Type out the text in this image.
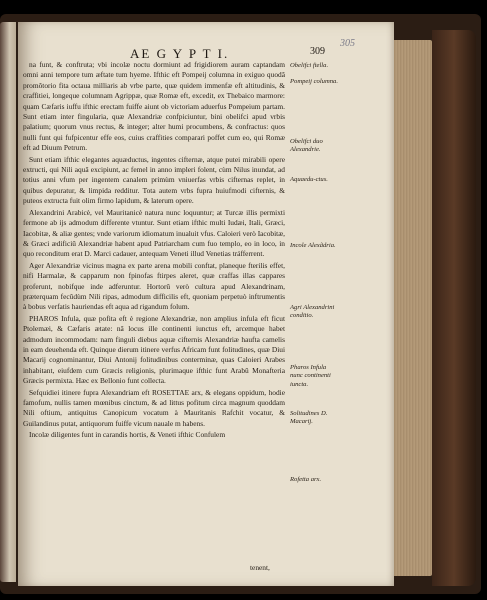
AE G Y P T I.	309
305

na funt, & conftruta; vbi incolæ noctu dormiunt ad frigidiorem auram captandam omni anni tempore tum æftate tum hyeme. Ifthic eft Pompeij columna in exiguo quodã promõtorio fita octaua milliaris ab vrbe parte, quæ quidem immenfæ eft altitudinis, & craffitiei, longeque columnam Agrippæ, quæ Romæ eft, excedit, ex Thebaico marmore: quam Cæfaris iuffu ifthic erectam fuiffe aiunt ob victoriam aduerfus Pompeium partam. Sunt etiam inter fingularia, quæ Alexandriæ confpiciuntur, bini obelifci apud vrbis palatium; quorum vnus rectus, & integer; alter humi procumbens, & confractus: quos nulli funt qui fufpicentur effe eos, cuius craffities comparari poffet cum eo, qui Romæ eft ad Diuum Petrum.

Sunt etiam ifthic elegantes aquæductus, ingentes cifternæ, atque putei mirabili opere extructi, qui Nili aquã excipiunt, ac femel in anno impleri folent, cùm Nilus inundat, ad totius anni vfum per ingentem canalem primùm vniuerfas vrbis cifternas replet, in quibus depuratur, & limpida redditur. Tota autem vrbs fupra huiufmodi cifternis, & puteos extructa fuit olim firmo lapidum, & laterum opere.

Alexandrini Arabicè, vel Mauritanicè natura nunc loquuntur; at Turcæ illis permixti fermone ab ijs admodum differente vtuntur. Sunt etiam ifthic multi Iudæi, Itali, Græci, Iacobitæ, & aliæ gentes; vnde variorum idiomatum inualuit vfus. Caloieri verò Iacobitæ, & Græci ædificiũ Alexandriæ habent apud Patriarcham cum fuo templo, eo in loco, in quo reconditum erat D. Marci cadauer, antequam Veneti illud Venetias tráfferrent.

Ager Alexandriæ vicinus magna ex parte arena mobili conftat, planeque fterilis effet, nifi Harmalæ, & capparum non fpinofas ftirpes aleret, quæ craffas illas cappares proferunt, nobifque inde adferuntur. Hortorũ verò cultura apud Alexandrinam, præterquam fecũdùm Nili ripas, admodum difficilis eft, quoniam perpetuò inftrumentis à bobus verfatis hauriendas eft aqua ad rigandum folum.

PHAROS Infula, quæ pofita eft è regione Alexandriæ, non amplius infula eft ficut Ptolemæi, & Cæfaris ætate: nã locus ille continenti iunctus eft, arcemque habet admodum incommodam: nam finguli diebus aquæ cifternis Alexandriæ haufta camelis in eam deuehenda eft. Quinque dierum itinere verfus Africam funt folitudines, quæ Diui Macarij cognominantur, Diui Antonij folitudinibus conterminæ, quas Caloieri Arabes inhabitant, eiufdem cum Græcis religionis, plurimaque ifthic funt Arabũ Monafteria Græcis permixta. Hæc ex Bellonio funt collecta.

Sefquidiei itinere fupra Alexandriam eft ROSETTAE arx, & elegans oppidum, hodie famofum, nullis tamen mœnibus cinctum, & ad littus pofitum circa magnum quoddam Nili oftium, antiquitus Canopicum vocatum à Mauritanis Rafchit vocatur, & Guilandinus putat, antiquorum fuiffe vicum nauale m habens.

Incolæ diligentes funt in carandis hortis, & Veneti ifthic Confulem

tenent,
Obelifci ftella.
Pompeij columna.
Obelifci duo Alexandrie.
Aquaedu-ctus.
Incole Alexãdria.
Agri Alexandrini conditio.
Pharos Infula nunc continenti iuncta.
Solitudines D. Macarij.
Rofetta arx.
